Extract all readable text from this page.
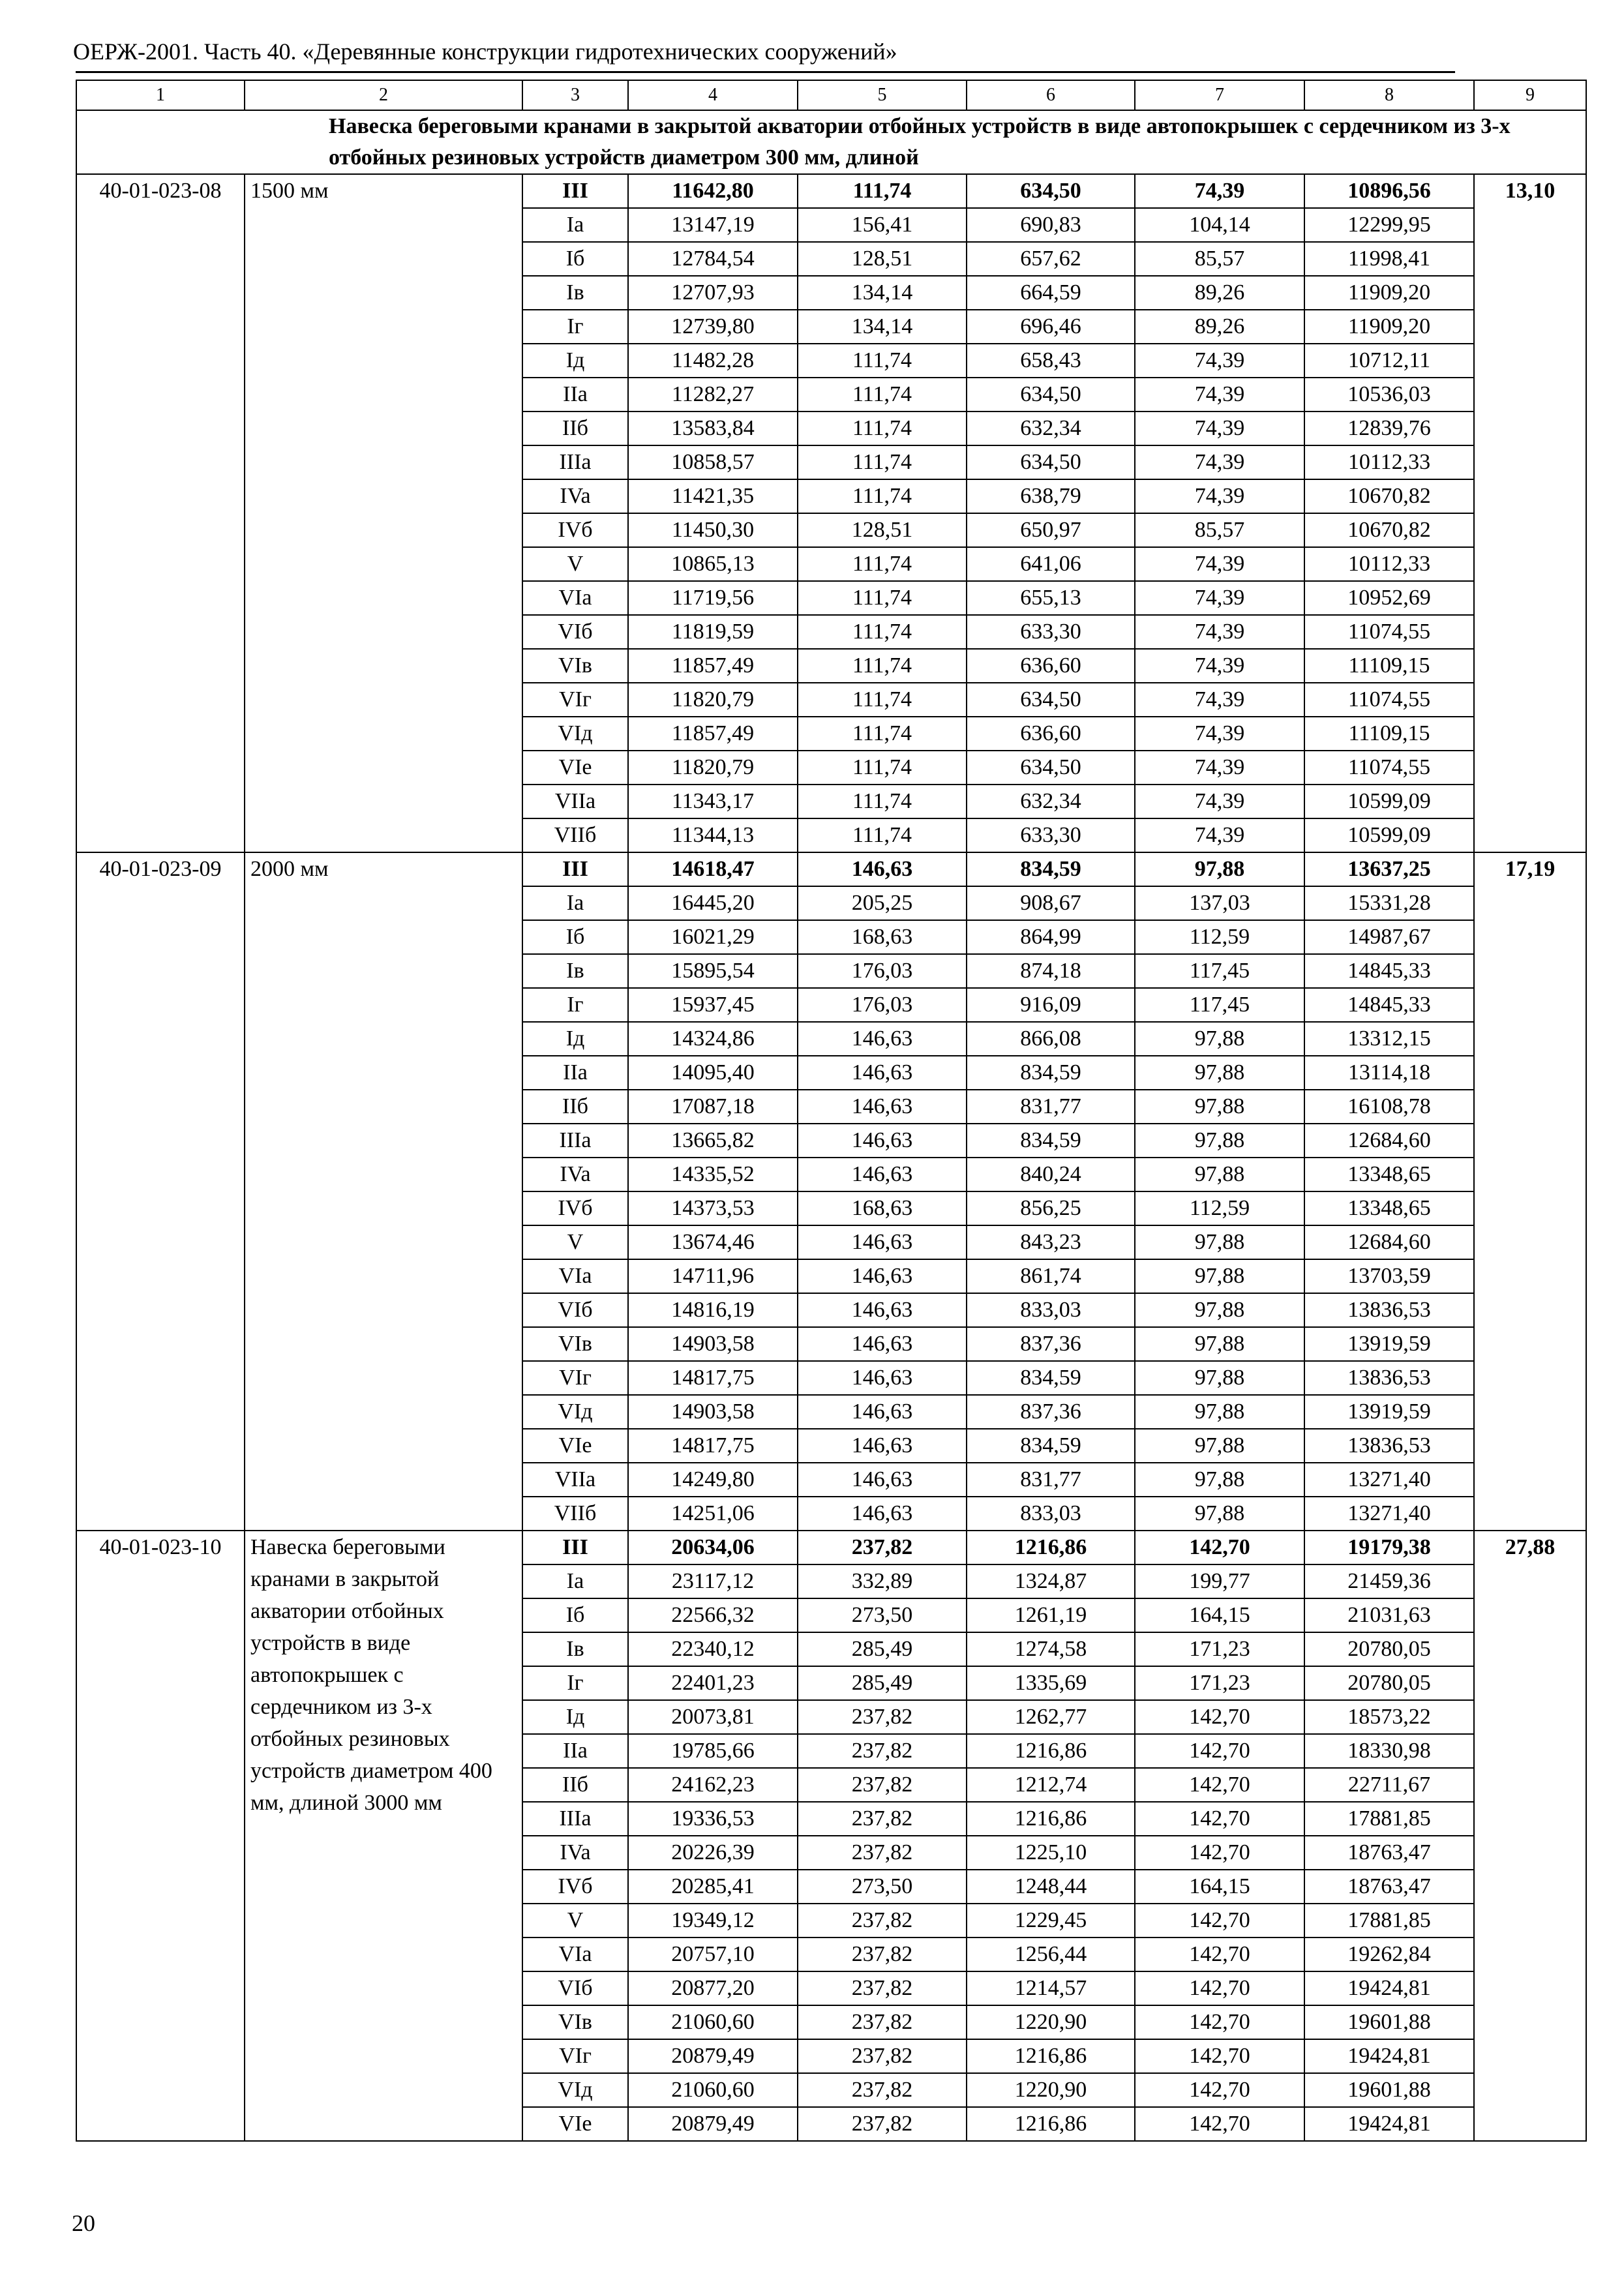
ОЕРЖ-2001. Часть 40. «Деревянные конструкции гидротехнических сооружений»
1	2	3	4	5	6	7	8	9
Навеска береговыми кранами в закрытой акватории отбойных устройств в виде автопокрышек с сердечником из 3-х отбойных резиновых устройств диаметром 300 мм, длиной								
40-01-023-08	1500 мм	III	11642,80	111,74	634,50	74,39	10896,56	13,10
		Ia	13147,19	156,41	690,83	104,14	12299,95	
		Iб	12784,54	128,51	657,62	85,57	11998,41	
		Iв	12707,93	134,14	664,59	89,26	11909,20	
		Iг	12739,80	134,14	696,46	89,26	11909,20	
		Iд	11482,28	111,74	658,43	74,39	10712,11	
		IIa	11282,27	111,74	634,50	74,39	10536,03	
		IIб	13583,84	111,74	632,34	74,39	12839,76	
		IIIa	10858,57	111,74	634,50	74,39	10112,33	
		IVa	11421,35	111,74	638,79	74,39	10670,82	
		IVб	11450,30	128,51	650,97	85,57	10670,82	
		V	10865,13	111,74	641,06	74,39	10112,33	
		VIa	11719,56	111,74	655,13	74,39	10952,69	
		VIб	11819,59	111,74	633,30	74,39	11074,55	
		VIв	11857,49	111,74	636,60	74,39	11109,15	
		VIг	11820,79	111,74	634,50	74,39	11074,55	
		VIд	11857,49	111,74	636,60	74,39	11109,15	
		VIe	11820,79	111,74	634,50	74,39	11074,55	
		VIIa	11343,17	111,74	632,34	74,39	10599,09	
		VIIб	11344,13	111,74	633,30	74,39	10599,09	
40-01-023-09	2000 мм	III	14618,47	146,63	834,59	97,88	13637,25	17,19
		Ia	16445,20	205,25	908,67	137,03	15331,28	
		Iб	16021,29	168,63	864,99	112,59	14987,67	
		Iв	15895,54	176,03	874,18	117,45	14845,33	
		Iг	15937,45	176,03	916,09	117,45	14845,33	
		Iд	14324,86	146,63	866,08	97,88	13312,15	
		IIa	14095,40	146,63	834,59	97,88	13114,18	
		IIб	17087,18	146,63	831,77	97,88	16108,78	
		IIIa	13665,82	146,63	834,59	97,88	12684,60	
		IVa	14335,52	146,63	840,24	97,88	13348,65	
		IVб	14373,53	168,63	856,25	112,59	13348,65	
		V	13674,46	146,63	843,23	97,88	12684,60	
		VIa	14711,96	146,63	861,74	97,88	13703,59	
		VIб	14816,19	146,63	833,03	97,88	13836,53	
		VIв	14903,58	146,63	837,36	97,88	13919,59	
		VIг	14817,75	146,63	834,59	97,88	13836,53	
		VIд	14903,58	146,63	837,36	97,88	13919,59	
		VIe	14817,75	146,63	834,59	97,88	13836,53	
		VIIa	14249,80	146,63	831,77	97,88	13271,40	
		VIIб	14251,06	146,63	833,03	97,88	13271,40	
40-01-023-10	Навеска береговыми кранами в закрытой акватории отбойных устройств в виде автопокрышек с сердечником из 3-х отбойных резиновых устройств диаметром 400 мм, длиной 3000 мм	III	20634,06	237,82	1216,86	142,70	19179,38	27,88
		Ia	23117,12	332,89	1324,87	199,77	21459,36	
		Iб	22566,32	273,50	1261,19	164,15	21031,63	
		Iв	22340,12	285,49	1274,58	171,23	20780,05	
		Iг	22401,23	285,49	1335,69	171,23	20780,05	
		Iд	20073,81	237,82	1262,77	142,70	18573,22	
		IIa	19785,66	237,82	1216,86	142,70	18330,98	
		IIб	24162,23	237,82	1212,74	142,70	22711,67	
		IIIa	19336,53	237,82	1216,86	142,70	17881,85	
		IVa	20226,39	237,82	1225,10	142,70	18763,47	
		IVб	20285,41	273,50	1248,44	164,15	18763,47	
		V	19349,12	237,82	1229,45	142,70	17881,85	
		VIa	20757,10	237,82	1256,44	142,70	19262,84	
		VIб	20877,20	237,82	1214,57	142,70	19424,81	
		VIв	21060,60	237,82	1220,90	142,70	19601,88	
		VIг	20879,49	237,82	1216,86	142,70	19424,81	
		VIд	21060,60	237,82	1220,90	142,70	19601,88	
		VIe	20879,49	237,82	1216,86	142,70	19424,81	
20
